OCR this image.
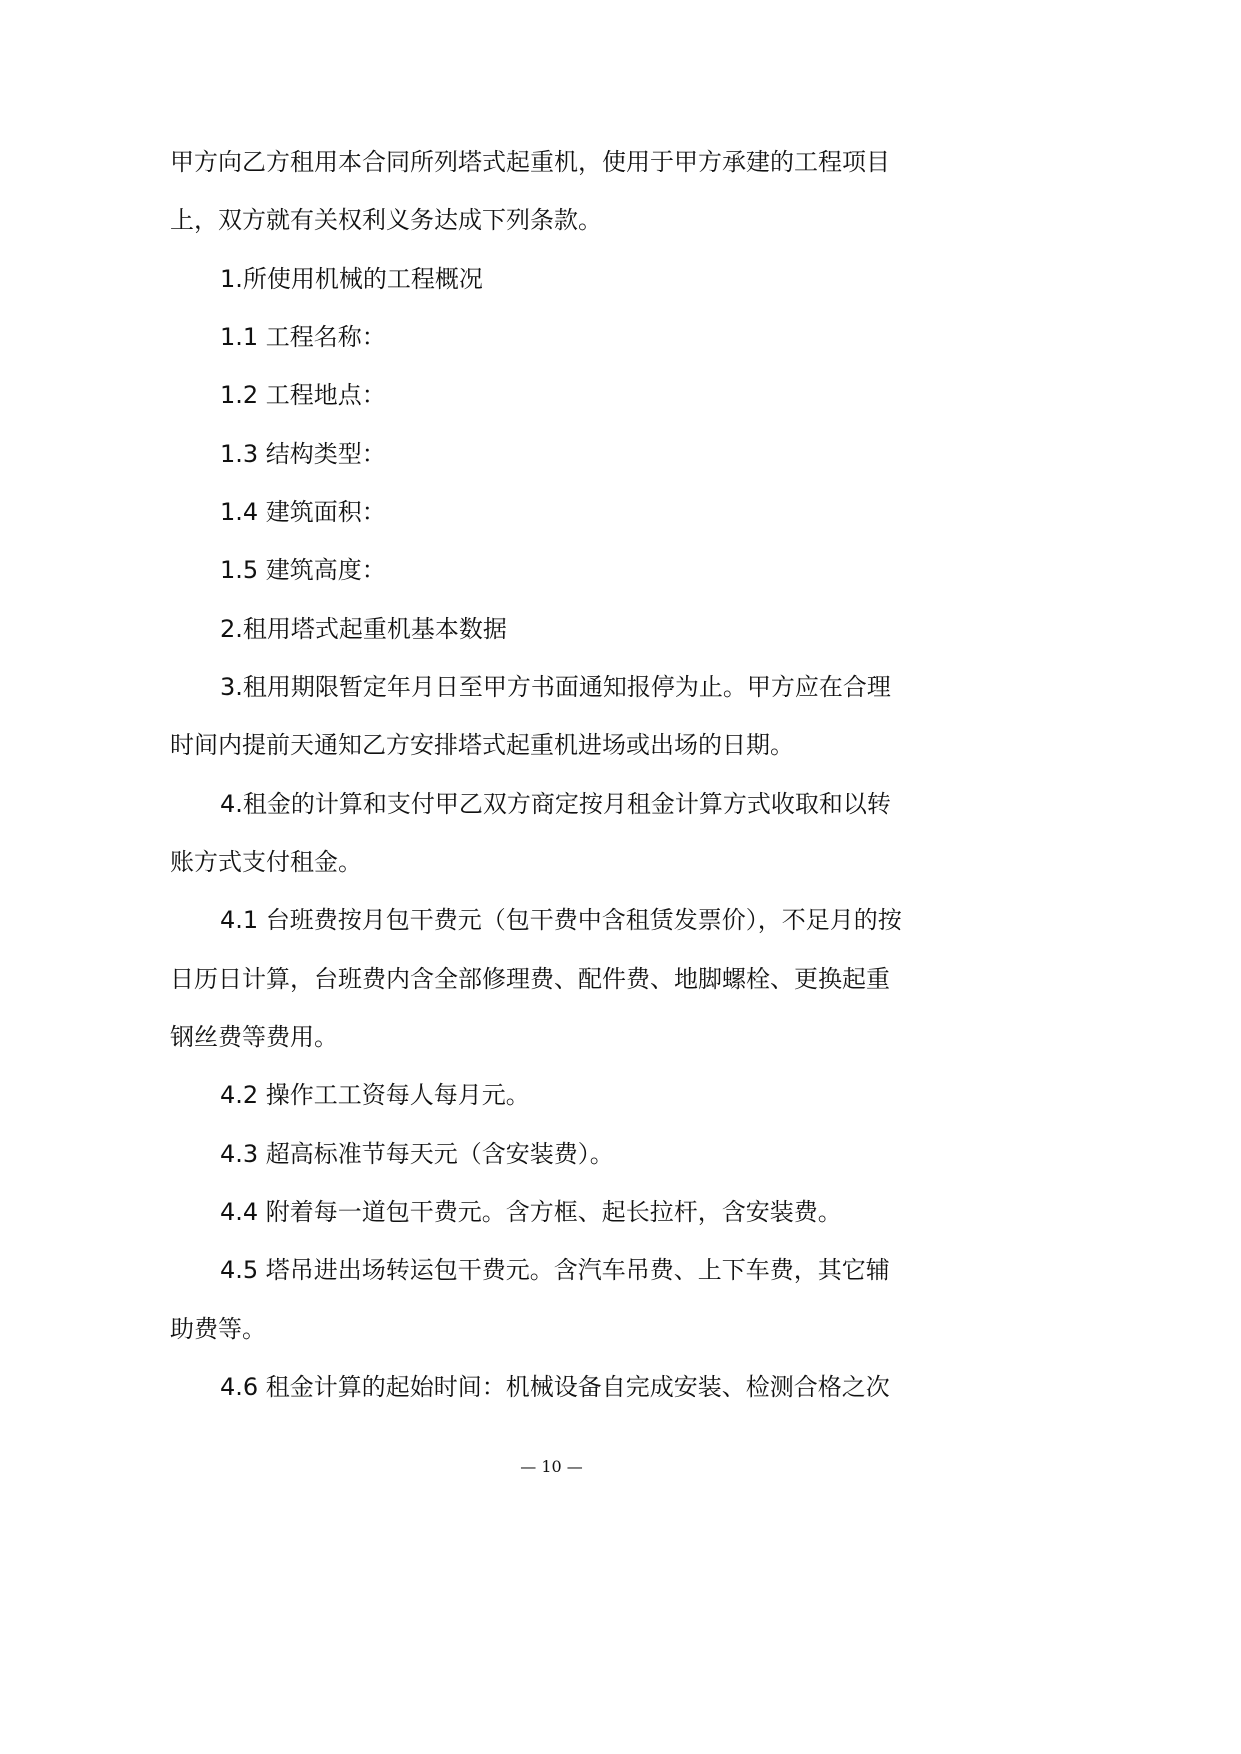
甲方向乙方租用本合同所列塔式起重机，使用于甲方承建的工程项目
上，双方就有关权利义务达成下列条款。
1.所使用机械的工程概况
1.1 工程名称：
1.2 工程地点：
1.3 结构类型：
1.4 建筑面积：
1.5 建筑高度：
2.租用塔式起重机基本数据
3.租用期限暂定年月日至甲方书面通知报停为止。甲方应在合理
时间内提前天通知乙方安排塔式起重机进场或出场的日期。
4.租金的计算和支付甲乙双方商定按月租金计算方式收取和以转
账方式支付租金。
4.1 台班费按月包干费元（包干费中含租赁发票价），不足月的按
日历日计算，台班费内含全部修理费、配件费、地脚螺栓、更换起重
钢丝费等费用。
4.2 操作工工资每人每月元。
4.3 超高标准节每天元（含安装费）。
4.4 附着每一道包干费元。含方框、起长拉杆，含安装费。
4.5 塔吊进出场转运包干费元。含汽车吊费、上下车费，其它辅
助费等。
4.6 租金计算的起始时间：机械设备自完成安装、检测合格之次
— 10 —
